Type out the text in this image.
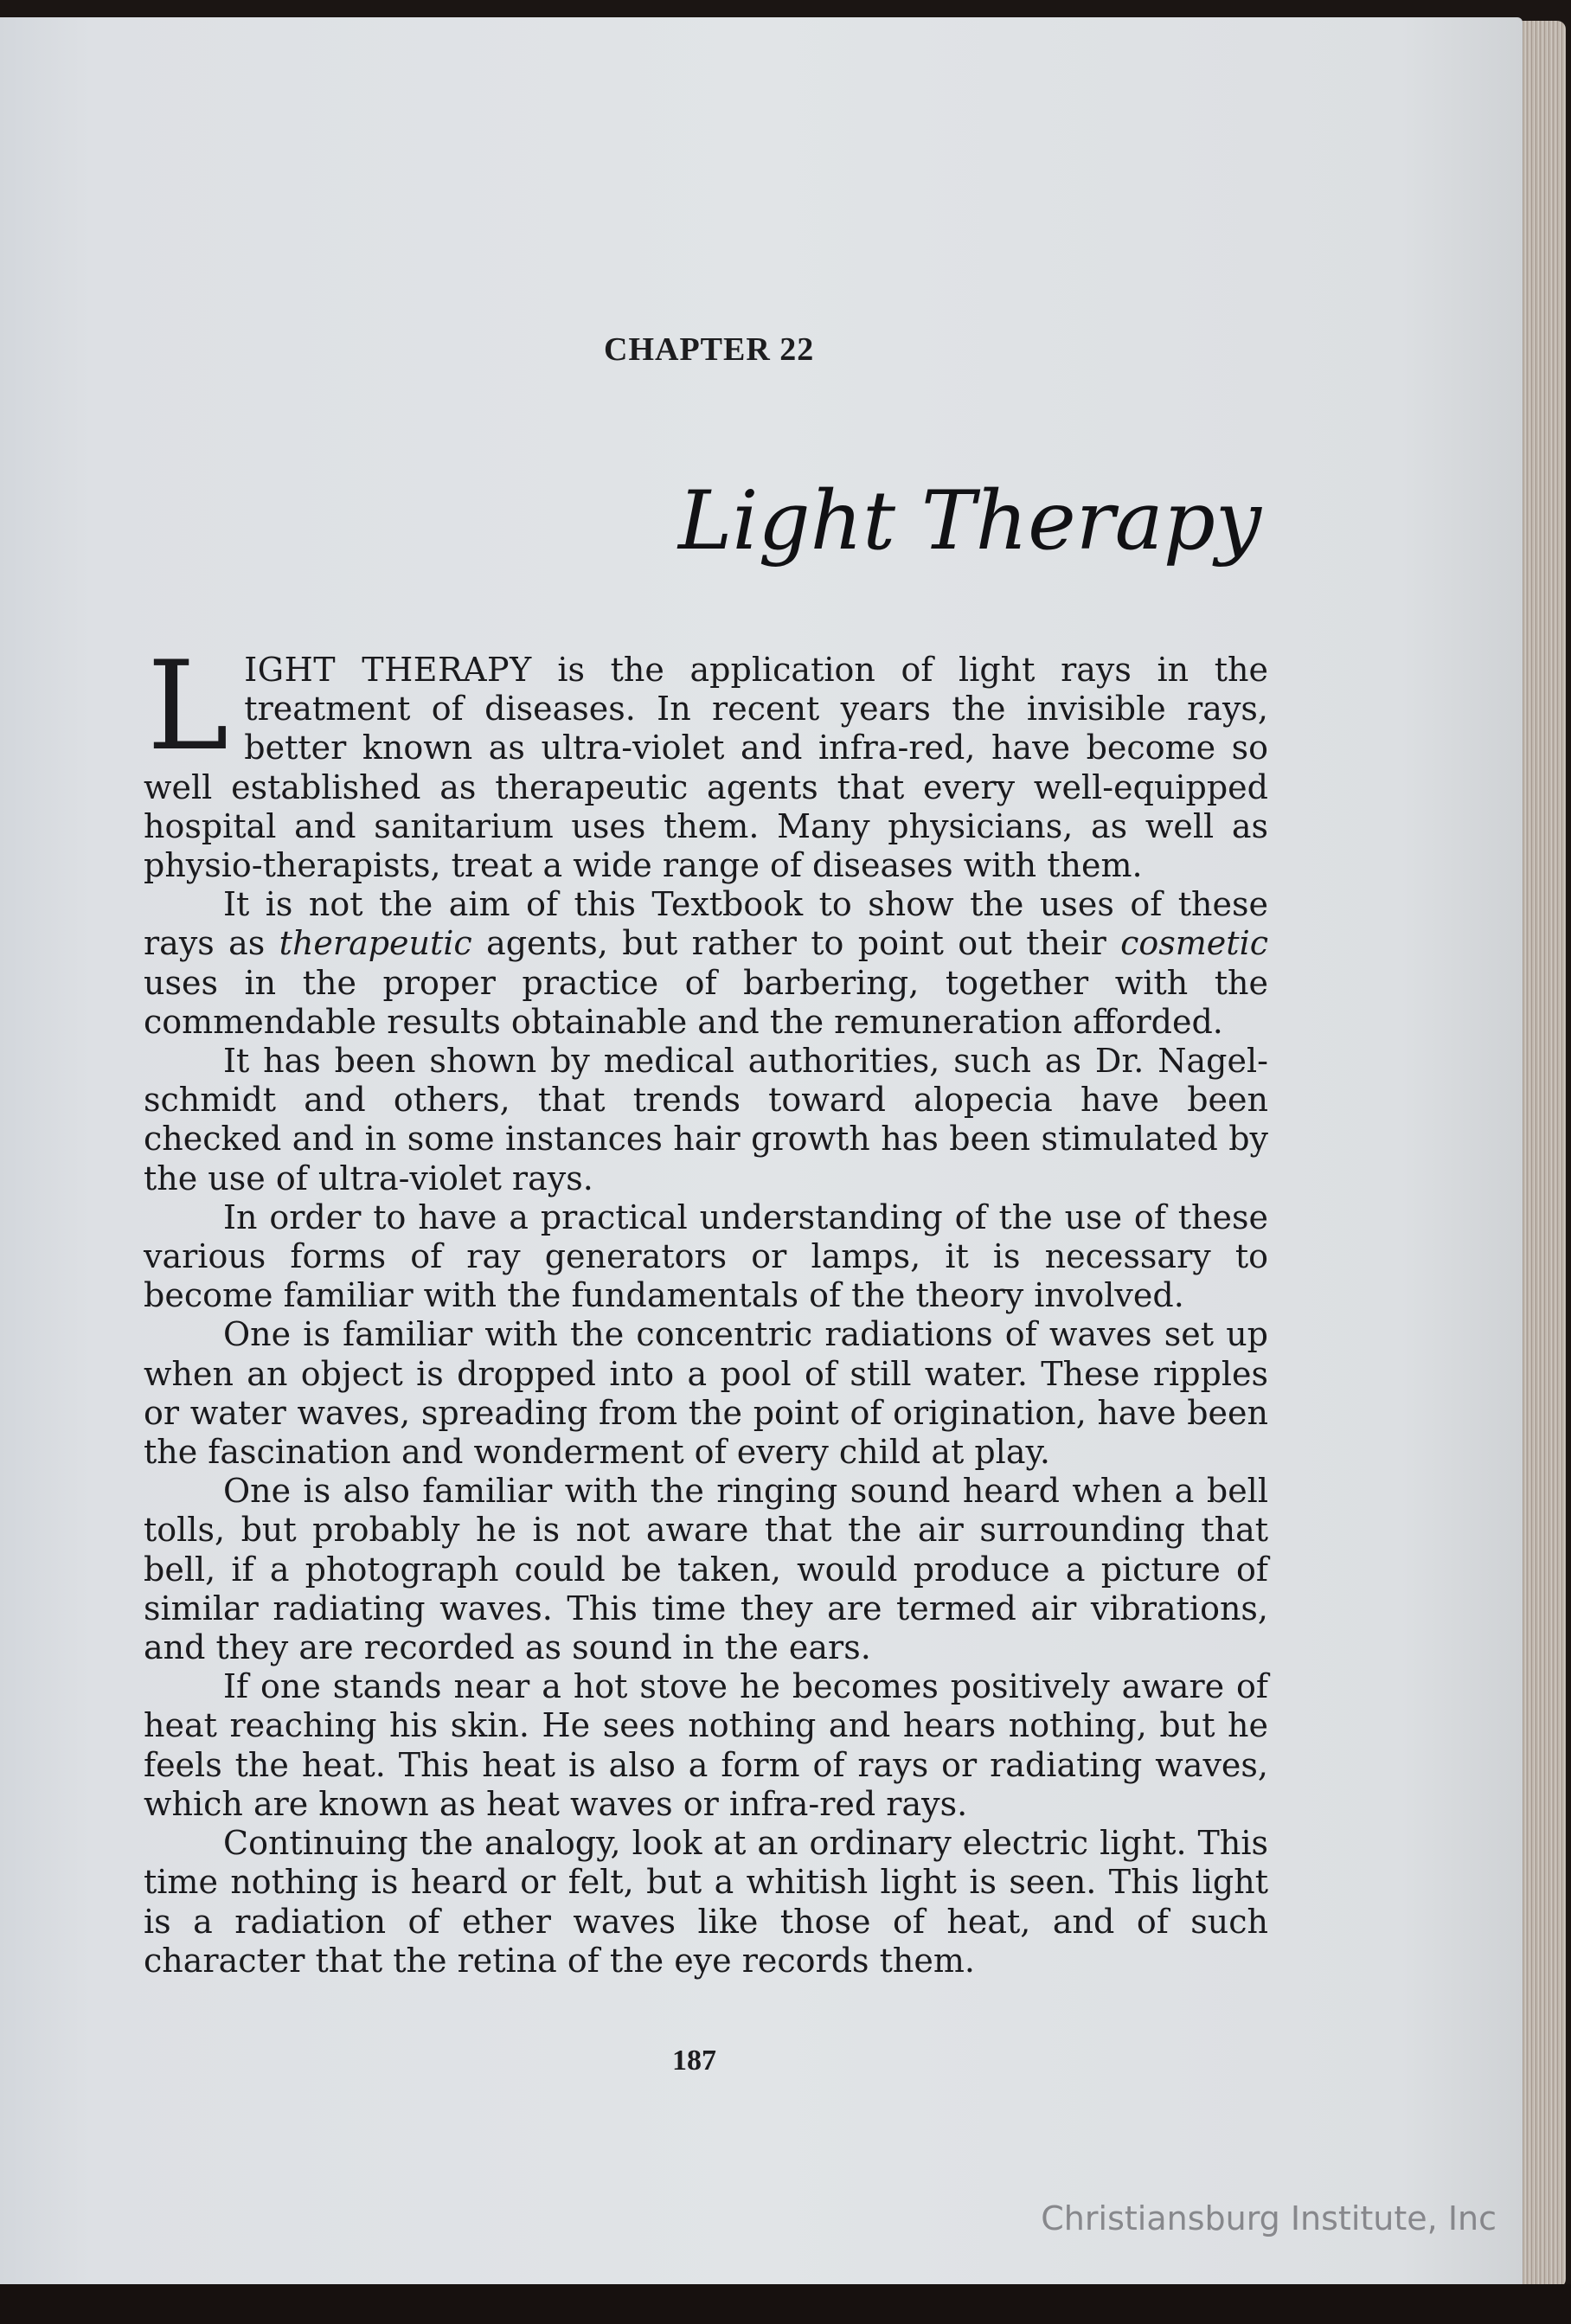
CHAPTER 22
Light Therapy

LIGHT THERAPY is the application of light rays in the treatment of diseases. In recent years the invisible rays, better known as ultra-violet and infra-red, have become so well established as therapeutic agents that every well-equipped hospital and sanitarium uses them. Many physicians, as well as physio-therapists, treat a wide range of diseases with them.

It is not the aim of this Textbook to show the uses of these rays as therapeutic agents, but rather to point out their cosmetic uses in the proper practice of barbering, together with the commendable results obtainable and the remuneration afforded.

It has been shown by medical authorities, such as Dr. Nagelschmidt and others, that trends toward alopecia have been checked and in some instances hair growth has been stimulated by the use of ultra-violet rays.

In order to have a practical understanding of the use of these various forms of ray generators or lamps, it is necessary to become familiar with the fundamentals of the theory involved.

One is familiar with the concentric radiations of waves set up when an object is dropped into a pool of still water. These ripples or water waves, spreading from the point of origination, have been the fascination and wonderment of every child at play.

One is also familiar with the ringing sound heard when a bell tolls, but probably he is not aware that the air surrounding that bell, if a photograph could be taken, would produce a picture of similar radiating waves. This time they are termed air vibrations, and they are recorded as sound in the ears.

If one stands near a hot stove he becomes positively aware of heat reaching his skin. He sees nothing and hears nothing, but he feels the heat. This heat is also a form of rays or radiating waves, which are known as heat waves or infra-red rays.

Continuing the analogy, look at an ordinary electric light. This time nothing is heard or felt, but a whitish light is seen. This light is a radiation of ether waves like those of heat, and of such character that the retina of the eye records them.

187
Christiansburg Institute, Inc
